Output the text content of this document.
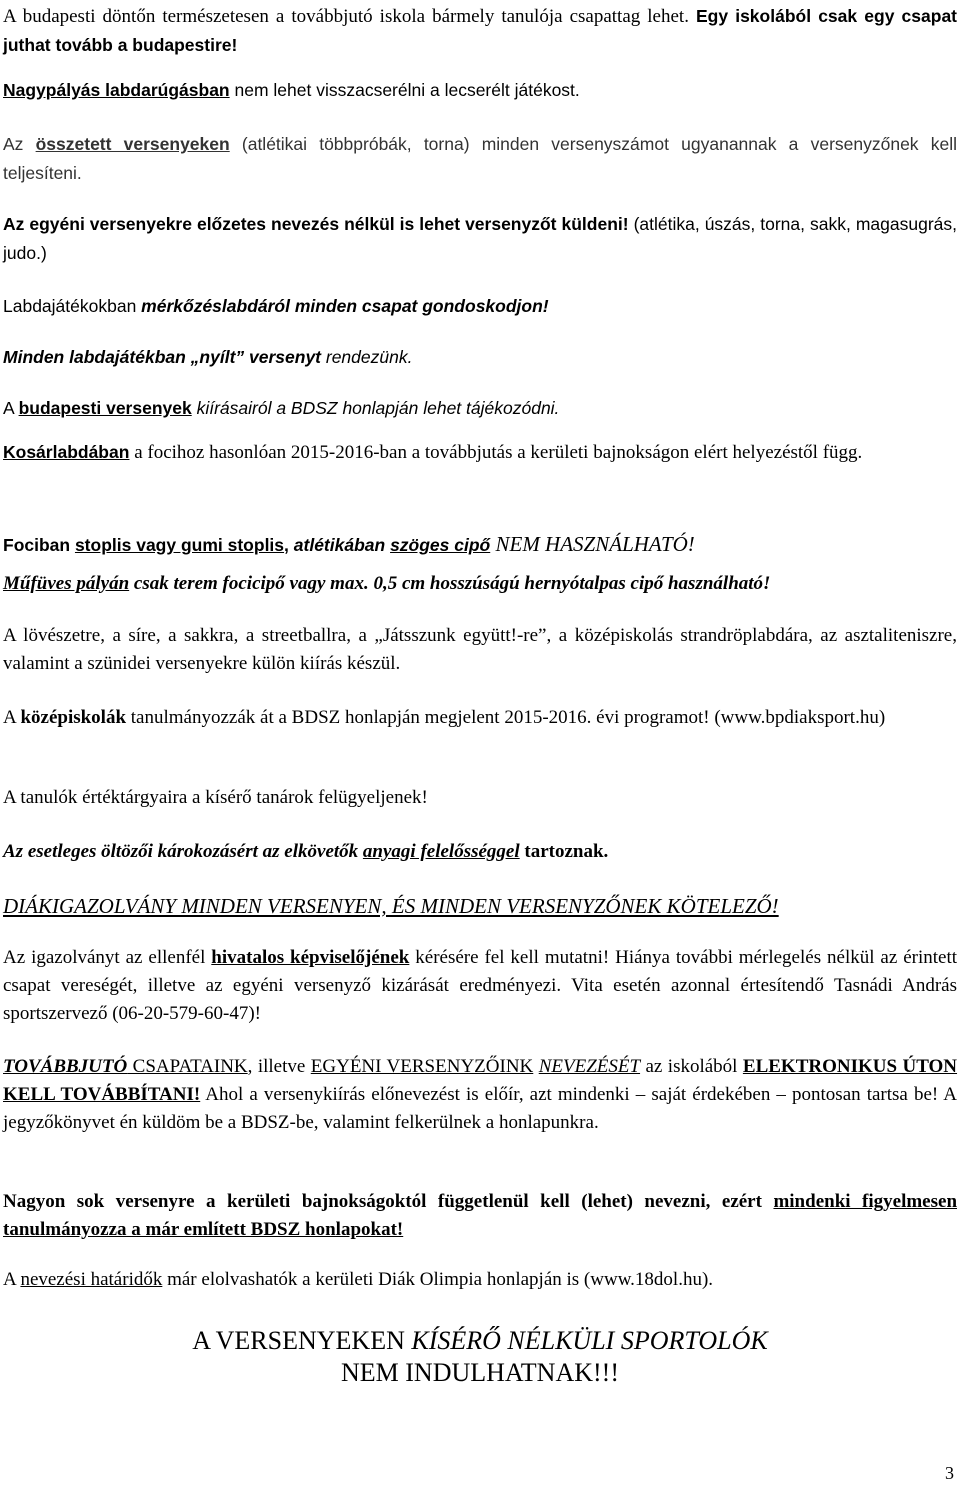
A budapesti döntőn természetesen a továbbjutó iskola bármely tanulója csapattag lehet. Egy iskolából csak egy csapat juthat tovább a budapestire!
Nagypályás labdarúgásban nem lehet visszacserélni a lecserélt játékost.
Az összetett versenyeken (atlétikai többpróbák, torna) minden versenyszámot ugyanannak a versenyzőnek kell teljesíteni.
Az egyéni versenyekre előzetes nevezés nélkül is lehet versenyzőt küldeni! (atlétika, úszás, torna, sakk, magasugrás, judo.)
Labdajátékokban mérkőzéslabdáról minden csapat gondoskodjon!
Minden labdajátékban „nyílt” versenyt rendezünk.
A budapesti versenyek kiírásairól a BDSZ honlapján lehet tájékozódni.
Kosárlabdában a focihoz hasonlóan 2015-2016-ban a továbbjutás a kerületi bajnokságon elért helyezéstől függ.
Fociban stoplis vagy gumi stoplis, atlétikában szöges cipő NEM HASZNÁLHATÓ!
Műfüves pályán csak terem focicipő vagy max. 0,5 cm hosszúságú hernyótalpas cipő használható!
A lövészetre, a síre, a sakkra, a streetballra, a „Játsszunk együtt!-re”, a középiskolás strandröplabdára, az asztaliteniszre, valamint a szünidei versenyekre külön kiírás készül.
A középiskolák tanulmányozzák át a BDSZ honlapján megjelent 2015-2016. évi programot! (www.bpdiaksport.hu)
A tanulók értéktárgyaira a kísérő tanárok felügyeljenek!
Az esetleges öltözői károkozásért az elkövetők anyagi felelősséggel tartoznak.
DIÁKIGAZOLVÁNY MINDEN VERSENYEN, ÉS MINDEN VERSENYZŐNEK KÖTELEZŐ!
Az igazolványt az ellenfél hivatalos képviselőjének kérésére fel kell mutatni! Hiánya további mérlegelés nélkül az érintett csapat vereségét, illetve az egyéni versenyző kizárását eredményezi. Vita esetén azonnal értesítendő Tasnádi András sportszervező (06-20-579-60-47)!
TOVÁBBJUTÓ CSAPATAINK, illetve EGYÉNI VERSENYZŐINK NEVEZÉSÉT az iskolából ELEKTRONIKUS ÚTON KELL TOVÁBBÍTANI! Ahol a versenykiírás előnevezést is előír, azt mindenki – saját érdekében – pontosan tartsa be! A jegyzőkönyvet én küldöm be a BDSZ-be, valamint felkerülnek a honlapunkra.
Nagyon sok versenyre a kerületi bajnokságoktól függetlenül kell (lehet) nevezni, ezért mindenki figyelmesen tanulmányozza a már említett BDSZ honlapokat!
A nevezési határidők már elolvashatók a kerületi Diák Olimpia honlapján is (www.18dol.hu).
A VERSENYEKEN KÍSÉRŐ NÉLKÜLI SPORTOLÓK
NEM INDULHATNAK!!!
3
